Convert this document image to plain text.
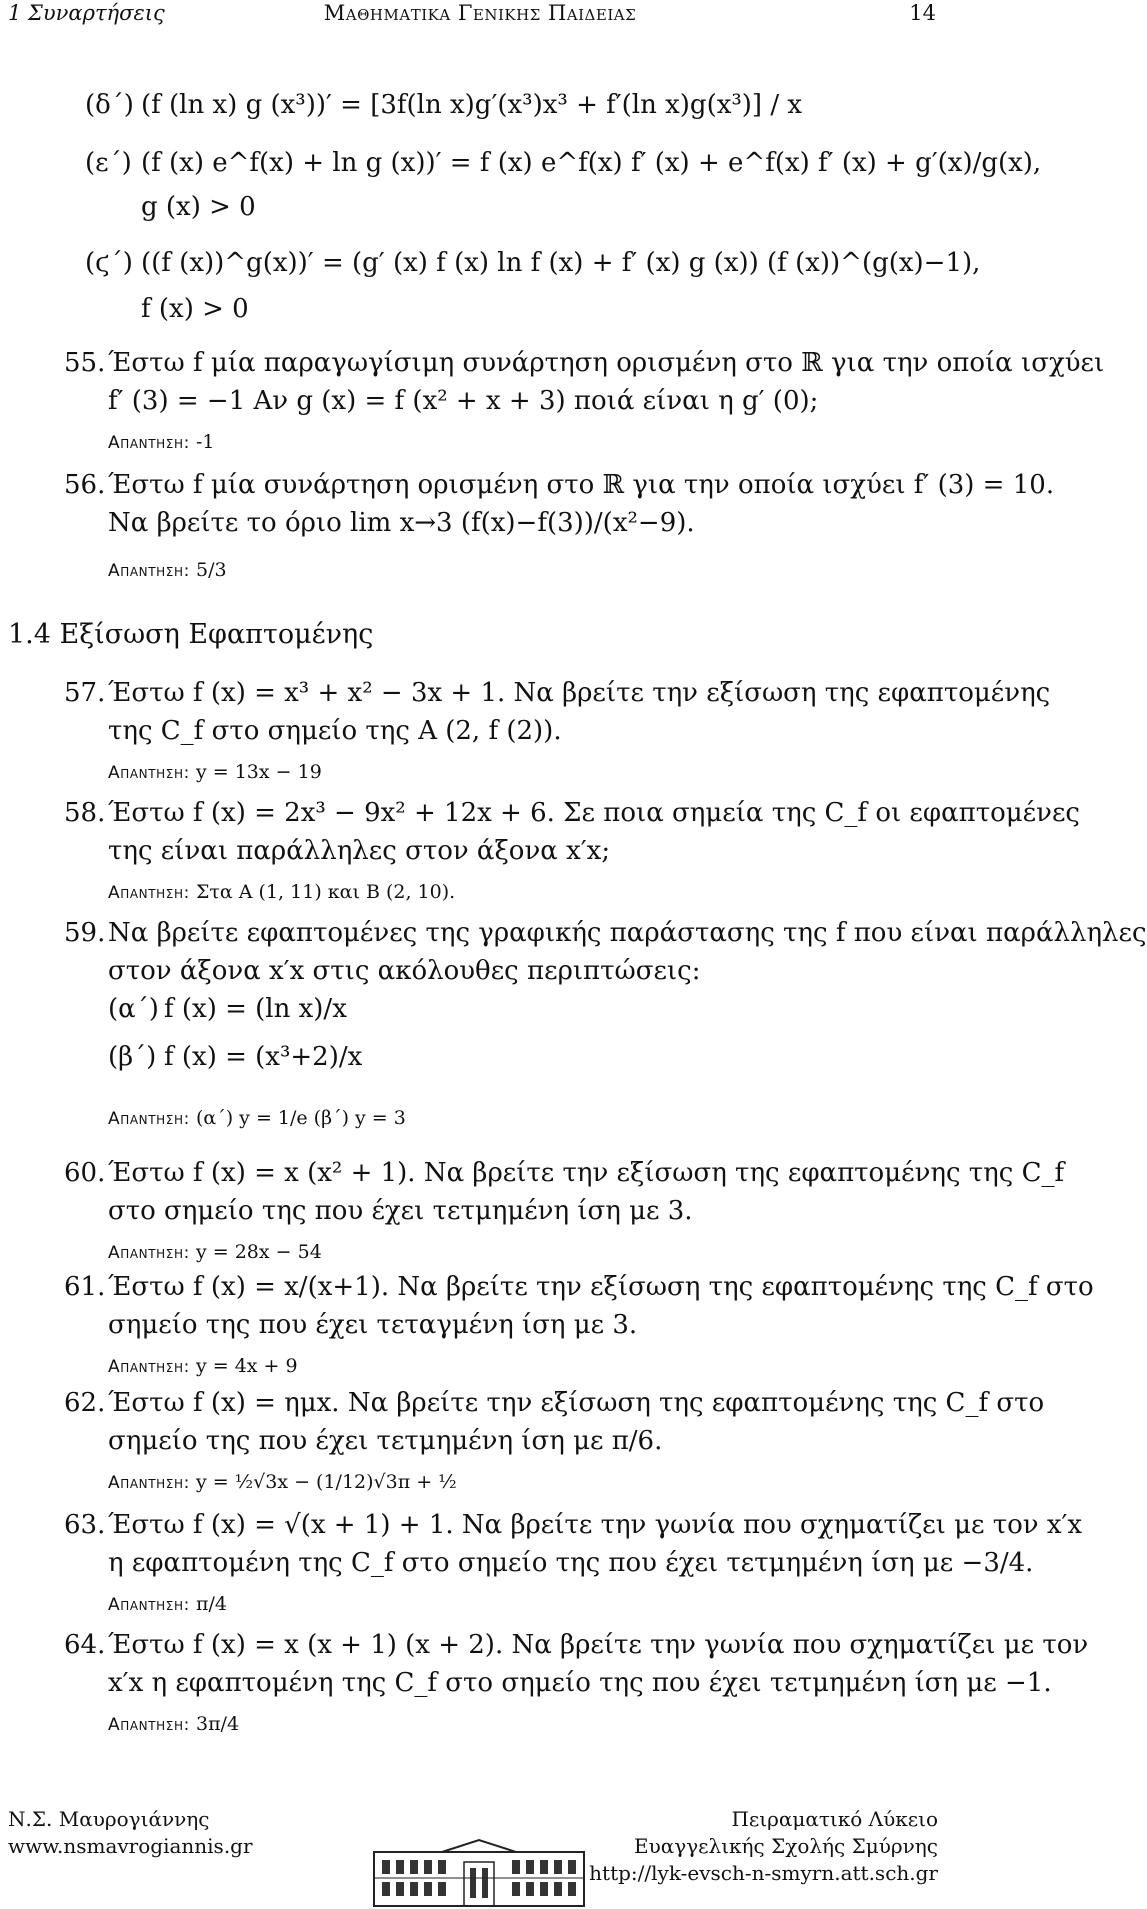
1 Συναρτήσεις	Μαθηματικα Γενικης Παιδειας	14
(δ΄) (f (ln x) g (x³))′ = [3f(ln x)g′(x³)x³ + f′(ln x)g(x³)] / x
(ε΄) (f (x) e^f(x) + ln g (x))′ = f (x) e^f(x) f′ (x) + e^f(x) f′ (x) + g′(x)/g(x),
g (x) > 0
(ϛ΄) ((f (x))^g(x))′ = (g′ (x) f (x) ln f (x) + f′ (x) g (x)) (f (x))^(g(x)−1),
f (x) > 0
55. Έστω f μία παραγωγίσιμη συνάρτηση ορισμένη στο ℝ για την οποία ισχύει
f′ (3) = −1 Αν g (x) = f (x² + x + 3) ποιά είναι η g′ (0);
Απαντηση: -1
56. Έστω f μία συνάρτηση ορισμένη στο ℝ για την οποία ισχύει f′ (3) = 10.
Να βρείτε το όριο lim x→3 (f(x)−f(3))/(x²−9).
Απαντηση: 5/3
1.4 Εξίσωση Εφαπτομένης
57. Έστω f (x) = x³ + x² − 3x + 1. Να βρείτε την εξίσωση της εφαπτομένης
της C_f στο σημείο της A (2, f (2)).
Απαντηση: y = 13x − 19
58. Έστω f (x) = 2x³ − 9x² + 12x + 6. Σε ποια σημεία της C_f οι εφαπτομένες
της είναι παράλληλες στον άξονα x′x;
Απαντηση: Στα A (1, 11) και B (2, 10).
59. Να βρείτε εφαπτομένες της γραφικής παράστασης της f που είναι παράλληλες
στον άξονα x′x στις ακόλουθες περιπτώσεις:
Απαντηση: (α΄) y = 1/e (β΄) y = 3
(α΄) f (x) = (ln x)/x
(β΄) f (x) = (x³+2)/x
60. Έστω f (x) = x (x² + 1). Να βρείτε την εξίσωση της εφαπτομένης της C_f
στο σημείο της που έχει τετμημένη ίση με 3.
Απαντηση: y = 28x − 54
61. Έστω f (x) = x/(x+1). Να βρείτε την εξίσωση της εφαπτομένης της C_f στο
σημείο της που έχει τεταγμένη ίση με 3.
Απαντηση: y = 4x + 9
62. Έστω f (x) = ημx. Να βρείτε την εξίσωση της εφαπτομένης της C_f στο
σημείο της που έχει τετμημένη ίση με π/6.
Απαντηση: y = ½√3x − (1/12)√3π + ½
63. Έστω f (x) = √(x + 1) + 1. Να βρείτε την γωνία που σχηματίζει με τον x′x
η εφαπτομένη της C_f στο σημείο της που έχει τετμημένη ίση με −3/4.
Απαντηση: π/4
64. Έστω f (x) = x (x + 1) (x + 2). Να βρείτε την γωνία που σχηματίζει με τον
x′x η εφαπτομένη της C_f στο σημείο της που έχει τετμημένη ίση με −1.
Απαντηση: 3π/4
Ν.Σ. Μαυρογιάννης
www.nsmavrogiannis.gr
Πειραματικό Λύκειο
Ευαγγελικής Σχολής Σμύρνης
http://lyk-evsch-n-smyrn.att.sch.gr
